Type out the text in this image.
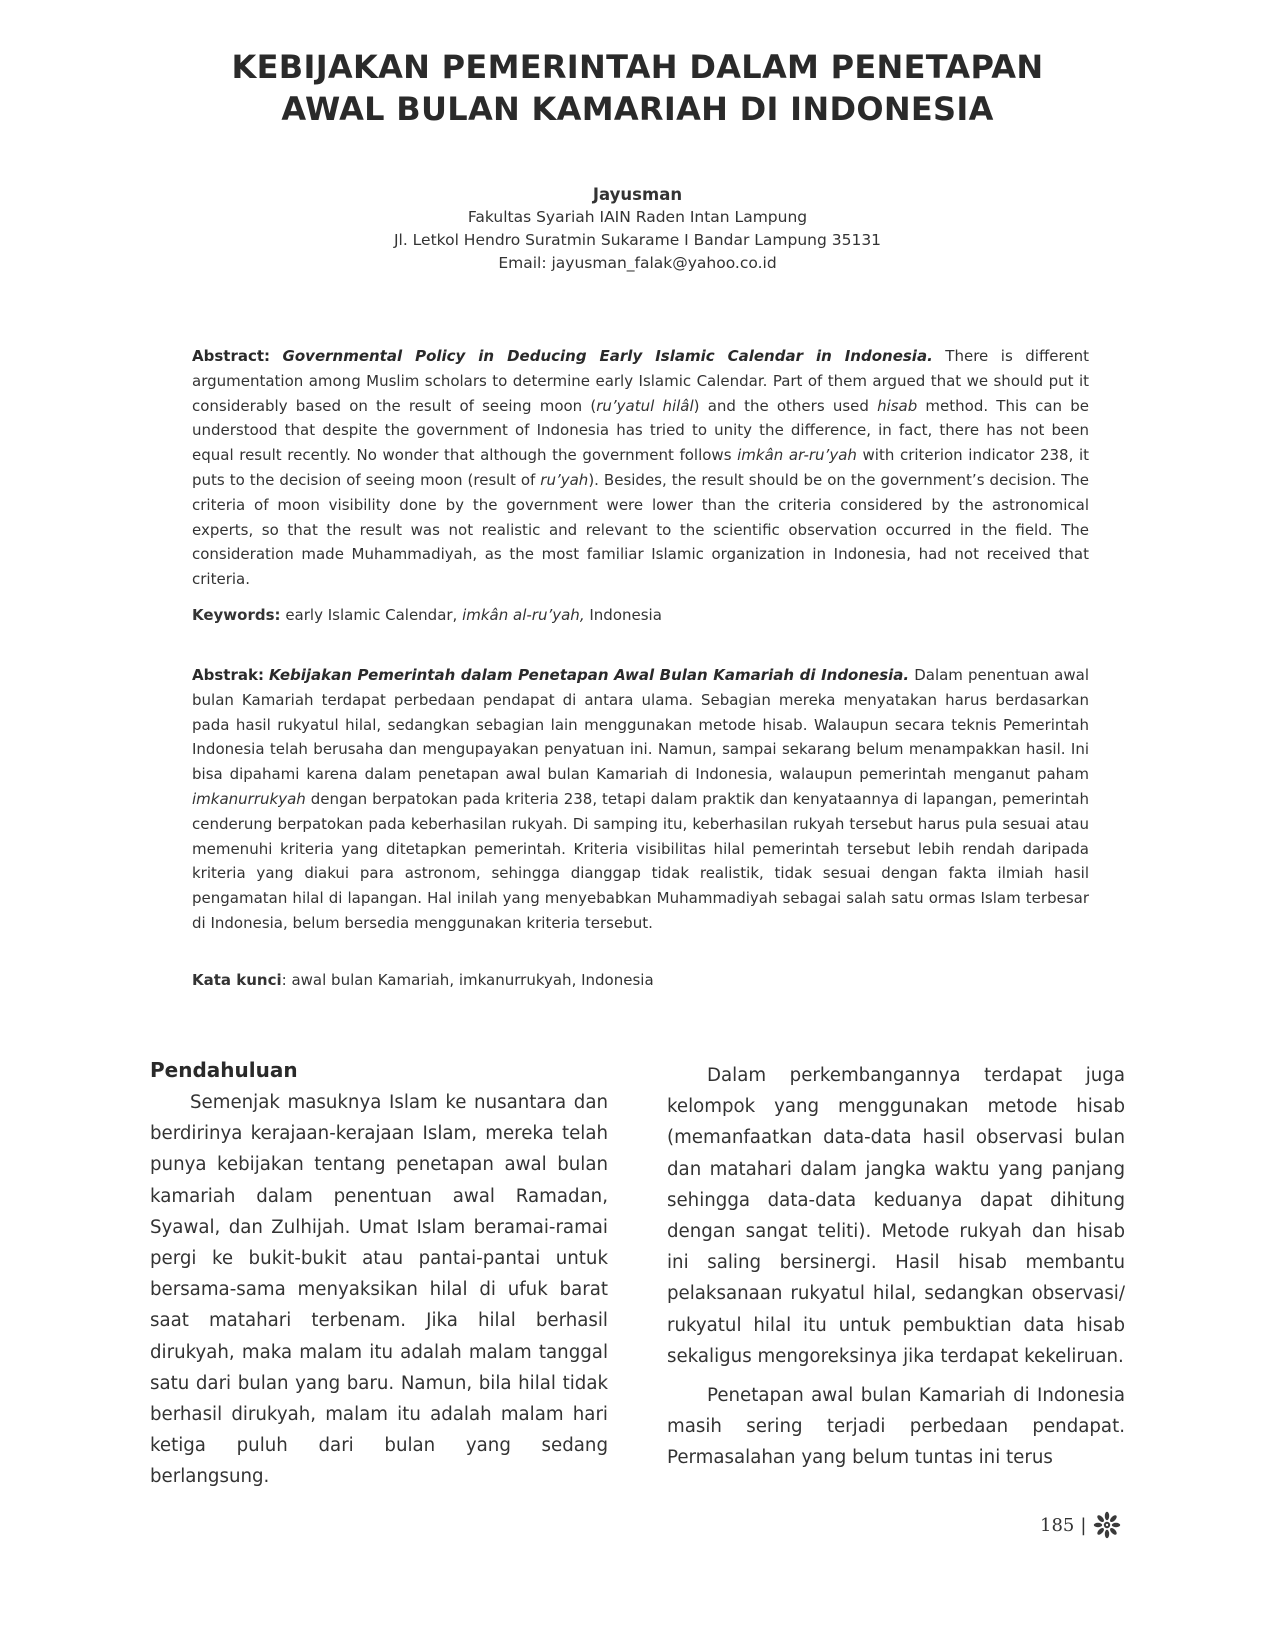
KEBIJAKAN PEMERINTAH DALAM PENETAPAN
AWAL BULAN KAMARIAH DI INDONESIA
Jayusman
Fakultas Syariah IAIN Raden Intan Lampung
Jl. Letkol Hendro Suratmin Sukarame I Bandar Lampung 35131
Email: jayusman_falak@yahoo.co.id
Abstract: Governmental Policy in Deducing Early Islamic Calendar in Indonesia. There is different argumentation among Muslim scholars to determine early Islamic Calendar. Part of them argued that we should put it considerably based on the result of seeing moon (ru’yatul hilâl) and the others used hisab method. This can be understood that despite the government of Indonesia has tried to unity the difference, in fact, there has not been equal result recently. No wonder that although the government follows imkân ar-ru’yah with criterion indicator 238, it puts to the decision of seeing moon (result of ru’yah). Besides, the result should be on the government’s decision. The criteria of moon visibility done by the government were lower than the criteria considered by the astronomical experts, so that the result was not realistic and relevant to the scientific observation occurred in the field. The consideration made Muhammadiyah, as the most familiar Islamic organization in Indonesia, had not received that criteria.
Keywords: early Islamic Calendar, imkân al-ru’yah, Indonesia
Abstrak: Kebijakan Pemerintah dalam Penetapan Awal Bulan Kamariah di Indonesia. Dalam penentuan awal bulan Kamariah terdapat perbedaan pendapat di antara ulama. Sebagian mereka menyatakan harus berdasarkan pada hasil rukyatul hilal, sedangkan sebagian lain menggunakan metode hisab. Walaupun secara teknis Pemerintah Indonesia telah berusaha dan mengupayakan penyatuan ini. Namun, sampai sekarang belum menampakkan hasil. Ini bisa dipahami karena dalam penetapan awal bulan Kamariah di Indonesia, walaupun pemerintah menganut paham imkanurrukyah dengan berpatokan pada kriteria 238, tetapi dalam praktik dan kenyataannya di lapangan, pemerintah cenderung berpatokan pada keberhasilan rukyah. Di samping itu, keberhasilan rukyah tersebut harus pula sesuai atau memenuhi kriteria yang ditetapkan pemerintah. Kriteria visibilitas hilal pemerintah tersebut lebih rendah daripada kriteria yang diakui para astronom, sehingga dianggap tidak realistik, tidak sesuai dengan fakta ilmiah hasil pengamatan hilal di lapangan. Hal inilah yang menyebabkan Muhammadiyah sebagai salah satu ormas Islam terbesar di Indonesia, belum bersedia menggunakan kriteria tersebut.
Kata kunci: awal bulan Kamariah, imkanurrukyah, Indonesia
Pendahuluan

Semenjak masuknya Islam ke nusantara dan berdirinya kerajaan-kerajaan Islam, mereka telah punya kebijakan tentang penetapan awal bulan kamariah dalam penentuan awal Ramadan, Syawal, dan Zulhijah. Umat Islam beramai-ramai pergi ke bukit-bukit atau pantai-pantai untuk bersama-sama menyaksikan hilal di ufuk barat saat matahari terbenam. Jika hilal berhasil dirukyah, maka malam itu adalah malam tanggal satu dari bulan yang baru. Namun, bila hilal tidak berhasil dirukyah, malam itu adalah malam hari ketiga puluh dari bulan yang sedang berlangsung.

Dalam perkembangannya terdapat juga kelompok yang menggunakan metode hisab (memanfaatkan data-data hasil observasi bulan dan matahari dalam jangka waktu yang panjang sehingga data-data keduanya dapat dihitung dengan sangat teliti). Metode rukyah dan hisab ini saling bersinergi. Hasil hisab membantu pelaksanaan rukyatul hilal, sedangkan observasi/ rukyatul hilal itu untuk pembuktian data hisab sekaligus mengoreksinya jika terdapat kekeliruan.

Penetapan awal bulan Kamariah di Indonesia masih sering terjadi perbedaan pendapat. Permasalahan yang belum tuntas ini terus

185 |
